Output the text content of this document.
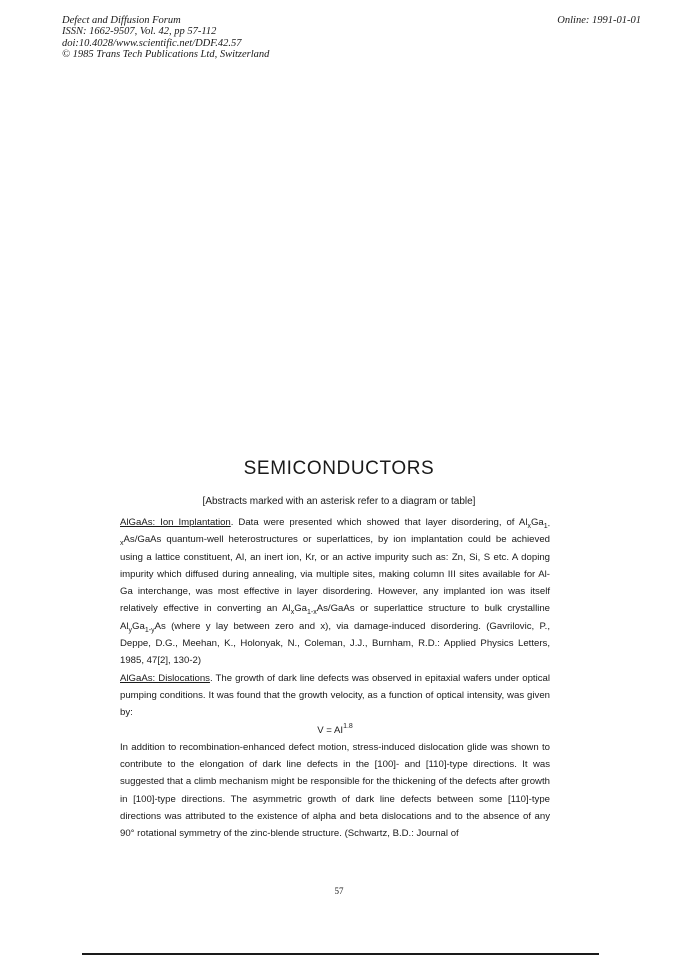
Defect and Diffusion Forum
ISSN: 1662-9507, Vol. 42, pp 57-112
doi:10.4028/www.scientific.net/DDF.42.57
© 1985 Trans Tech Publications Ltd, Switzerland
Online: 1991-01-01
SEMICONDUCTORS
[Abstracts marked with an asterisk refer to a diagram or table]

AlGaAs: Ion Implantation. Data were presented which showed that layer disordering, of $Al_xGa_{1-x}As$/GaAs quantum-well heterostructures or superlattices, by ion implantation could be achieved using a lattice constituent, Al, an inert ion, Kr, or an active impurity such as: Zn, Si, S etc. A doping impurity which diffused during annealing, via multiple sites, making column III sites available for Al-Ga interchange, was most effective in layer disordering. However, any implanted ion was itself relatively effective in converting an $Al_xGa_{1-x}As$/GaAs or superlattice structure to bulk crystalline $Al_yGa_{1-y}As$ (where y lay between zero and x), via damage-induced disordering. (Gavrilovic, P., Deppe, D.G., Meehan, K., Holonyak, N., Coleman, J.J., Burnham, R.D.: Applied Physics Letters, 1985, 47[2], 130-2)

AlGaAs: Dislocations. The growth of dark line defects was observed in epitaxial wafers under optical pumping conditions. It was found that the growth velocity, as a function of optical intensity, was given by:

$V = AI^{1.8}$

In addition to recombination-enhanced defect motion, stress-induced dislocation glide was shown to contribute to the elongation of dark line defects in the [100]- and [110]-type directions. It was suggested that a climb mechanism might be responsible for the thickening of the defects after growth in [100]-type directions. The asymmetric growth of dark line defects between some [110]-type directions was attributed to the existence of alpha and beta dislocations and to the absence of any 90° rotational symmetry of the zinc-blende structure. (Schwartz, B.D.: Journal of

57
